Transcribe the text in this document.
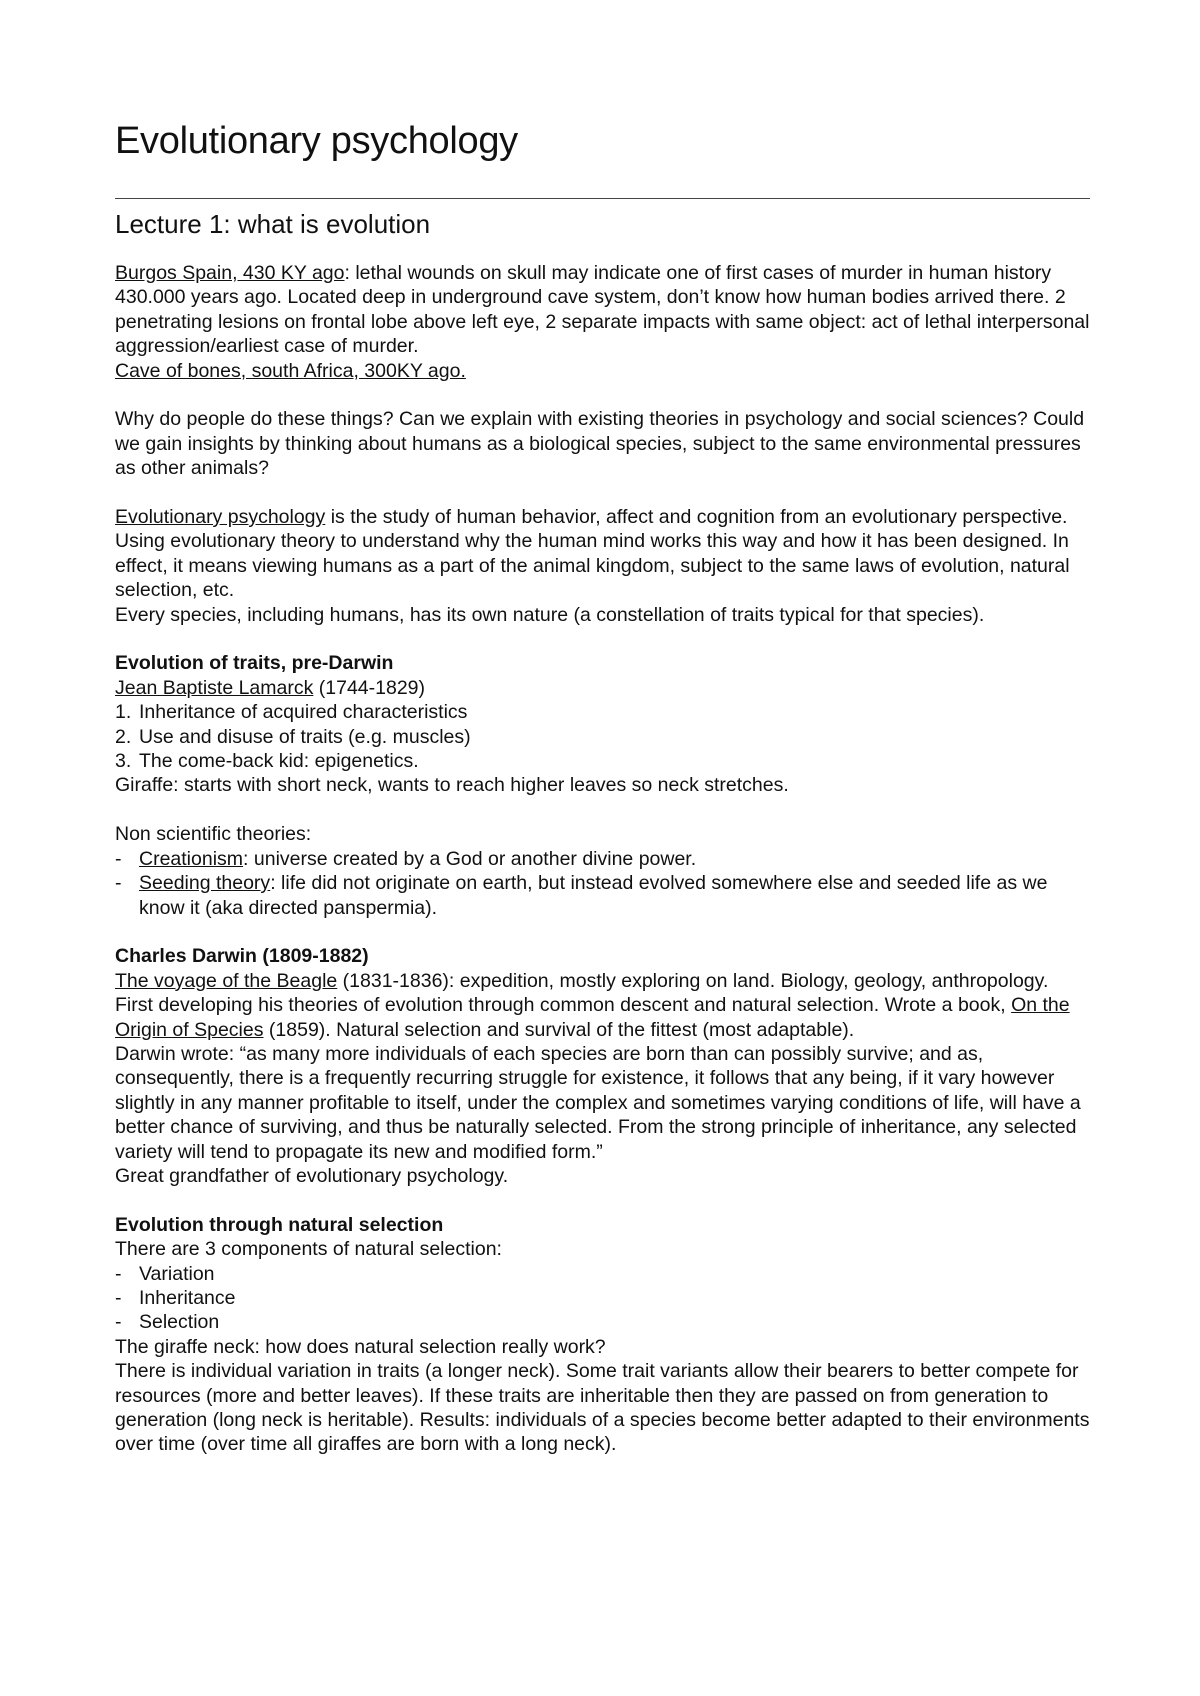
Evolutionary psychology
Lecture 1: what is evolution

Burgos Spain, 430 KY ago: lethal wounds on skull may indicate one of first cases of murder in human history 430.000 years ago. Located deep in underground cave system, don’t know how human bodies arrived there. 2 penetrating lesions on frontal lobe above left eye, 2 separate impacts with same object: act of lethal interpersonal aggression/earliest case of murder.

Cave of bones, south Africa, 300KY ago.

Why do people do these things? Can we explain with existing theories in psychology and social sciences? Could we gain insights by thinking about humans as a biological species, subject to the same environmental pressures as other animals?

Evolutionary psychology is the study of human behavior, affect and cognition from an evolutionary perspective. Using evolutionary theory to understand why the human mind works this way and how it has been designed. In effect, it means viewing humans as a part of the animal kingdom, subject to the same laws of evolution, natural selection, etc.

Every species, including humans, has its own nature (a constellation of traits typical for that species).

Evolution of traits, pre-Darwin

Jean Baptiste Lamarck (1744-1829)

1. Inheritance of acquired characteristics
2. Use and disuse of traits (e.g. muscles)
3. The come-back kid: epigenetics.

Giraffe: starts with short neck, wants to reach higher leaves so neck stretches.

Non scientific theories:

- Creationism: universe created by a God or another divine power.
- Seeding theory: life did not originate on earth, but instead evolved somewhere else and seeded life as we know it (aka directed panspermia).

Charles Darwin (1809-1882)

The voyage of the Beagle (1831-1836): expedition, mostly exploring on land. Biology, geology, anthropology. First developing his theories of evolution through common descent and natural selection. Wrote a book, On the Origin of Species (1859). Natural selection and survival of the fittest (most adaptable).

Darwin wrote: “as many more individuals of each species are born than can possibly survive; and as, consequently, there is a frequently recurring struggle for existence, it follows that any being, if it vary however slightly in any manner profitable to itself, under the complex and sometimes varying conditions of life, will have a better chance of surviving, and thus be naturally selected. From the strong principle of inheritance, any selected variety will tend to propagate its new and modified form.”

Great grandfather of evolutionary psychology.

Evolution through natural selection

There are 3 components of natural selection:

- Variation
- Inheritance
- Selection

The giraffe neck: how does natural selection really work?

There is individual variation in traits (a longer neck). Some trait variants allow their bearers to better compete for resources (more and better leaves). If these traits are inheritable then they are passed on from generation to generation (long neck is heritable). Results: individuals of a species become better adapted to their environments over time (over time all giraffes are born with a long neck).
